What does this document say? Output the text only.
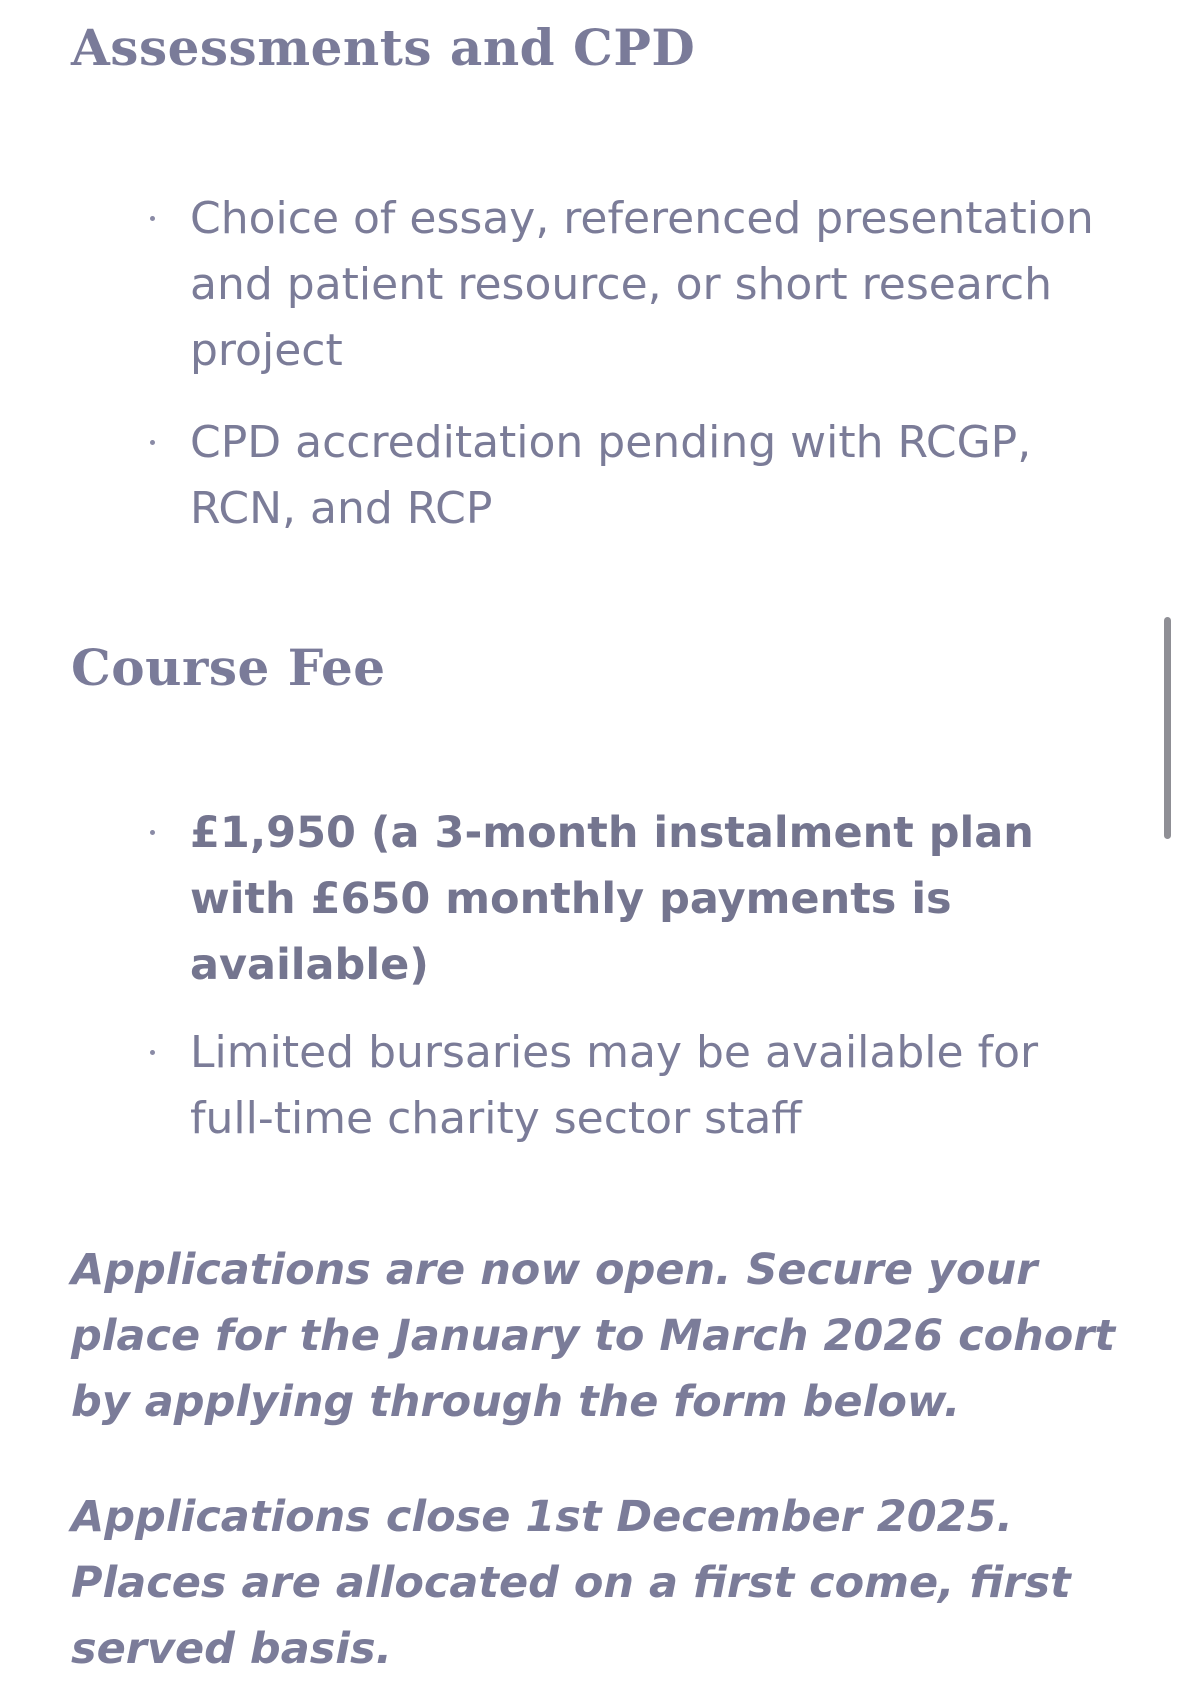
Assessments and CPD
Choice of essay, referenced presentation and patient resource, or short research project
CPD accreditation pending with RCGP, RCN, and RCP
Course Fee
£1,950 (a 3-month instalment plan with £650 monthly payments is available)
Limited bursaries may be available for full-time charity sector staff

Applications are now open. Secure your place for the January to March 2026 cohort by applying through the form below.

Applications close 1st December 2025. Places are allocated on a first come, first served basis.
